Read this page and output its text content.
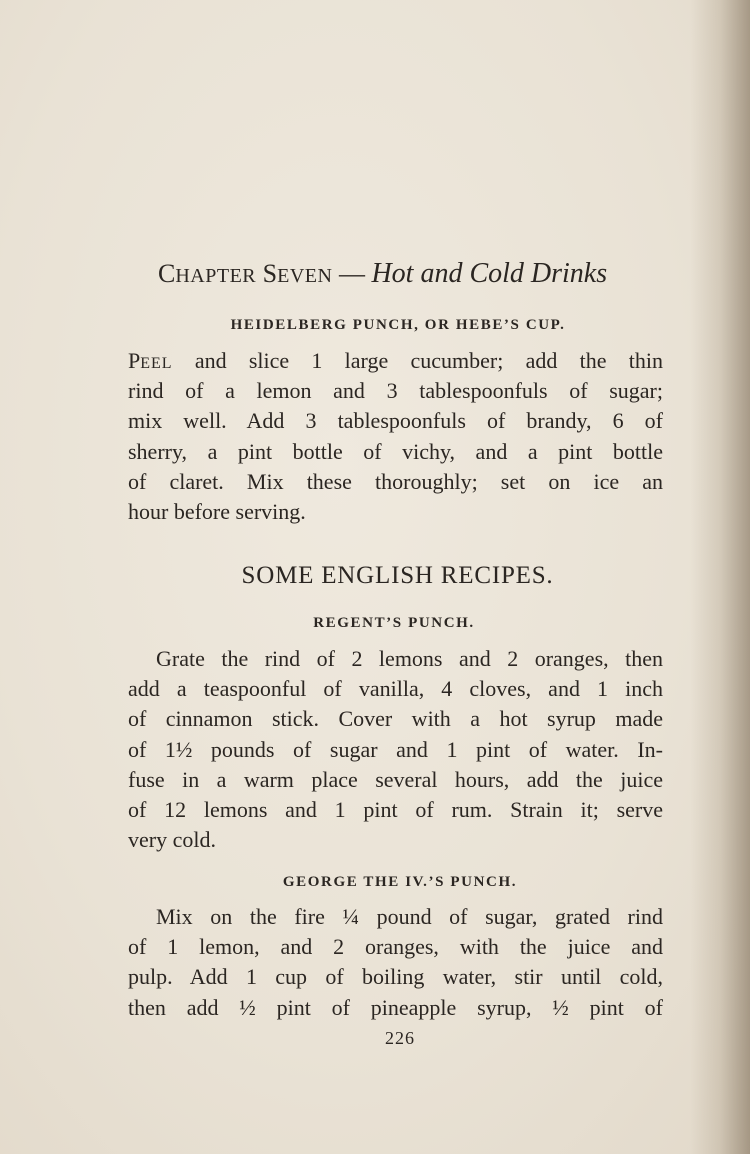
CHAPTER SEVEN — Hot and Cold Drinks
HEIDELBERG PUNCH, OR HEBE’S CUP.
PEEL and slice 1 large cucumber; add the thin
rind of a lemon and 3 tablespoonfuls of sugar;
mix well. Add 3 tablespoonfuls of brandy, 6 of
sherry, a pint bottle of vichy, and a pint bottle
of claret. Mix these thoroughly; set on ice an
hour before serving.
SOME ENGLISH RECIPES.
REGENT’S PUNCH.
Grate the rind of 2 lemons and 2 oranges, then
add a teaspoonful of vanilla, 4 cloves, and 1 inch
of cinnamon stick. Cover with a hot syrup made
of 1½ pounds of sugar and 1 pint of water. In-
fuse in a warm place several hours, add the juice
of 12 lemons and 1 pint of rum. Strain it; serve
very cold.
GEORGE THE IV.’S PUNCH.
Mix on the fire ¼ pound of sugar, grated rind
of 1 lemon, and 2 oranges, with the juice and
pulp. Add 1 cup of boiling water, stir until cold,
then add ½ pint of pineapple syrup, ½ pint of
226
